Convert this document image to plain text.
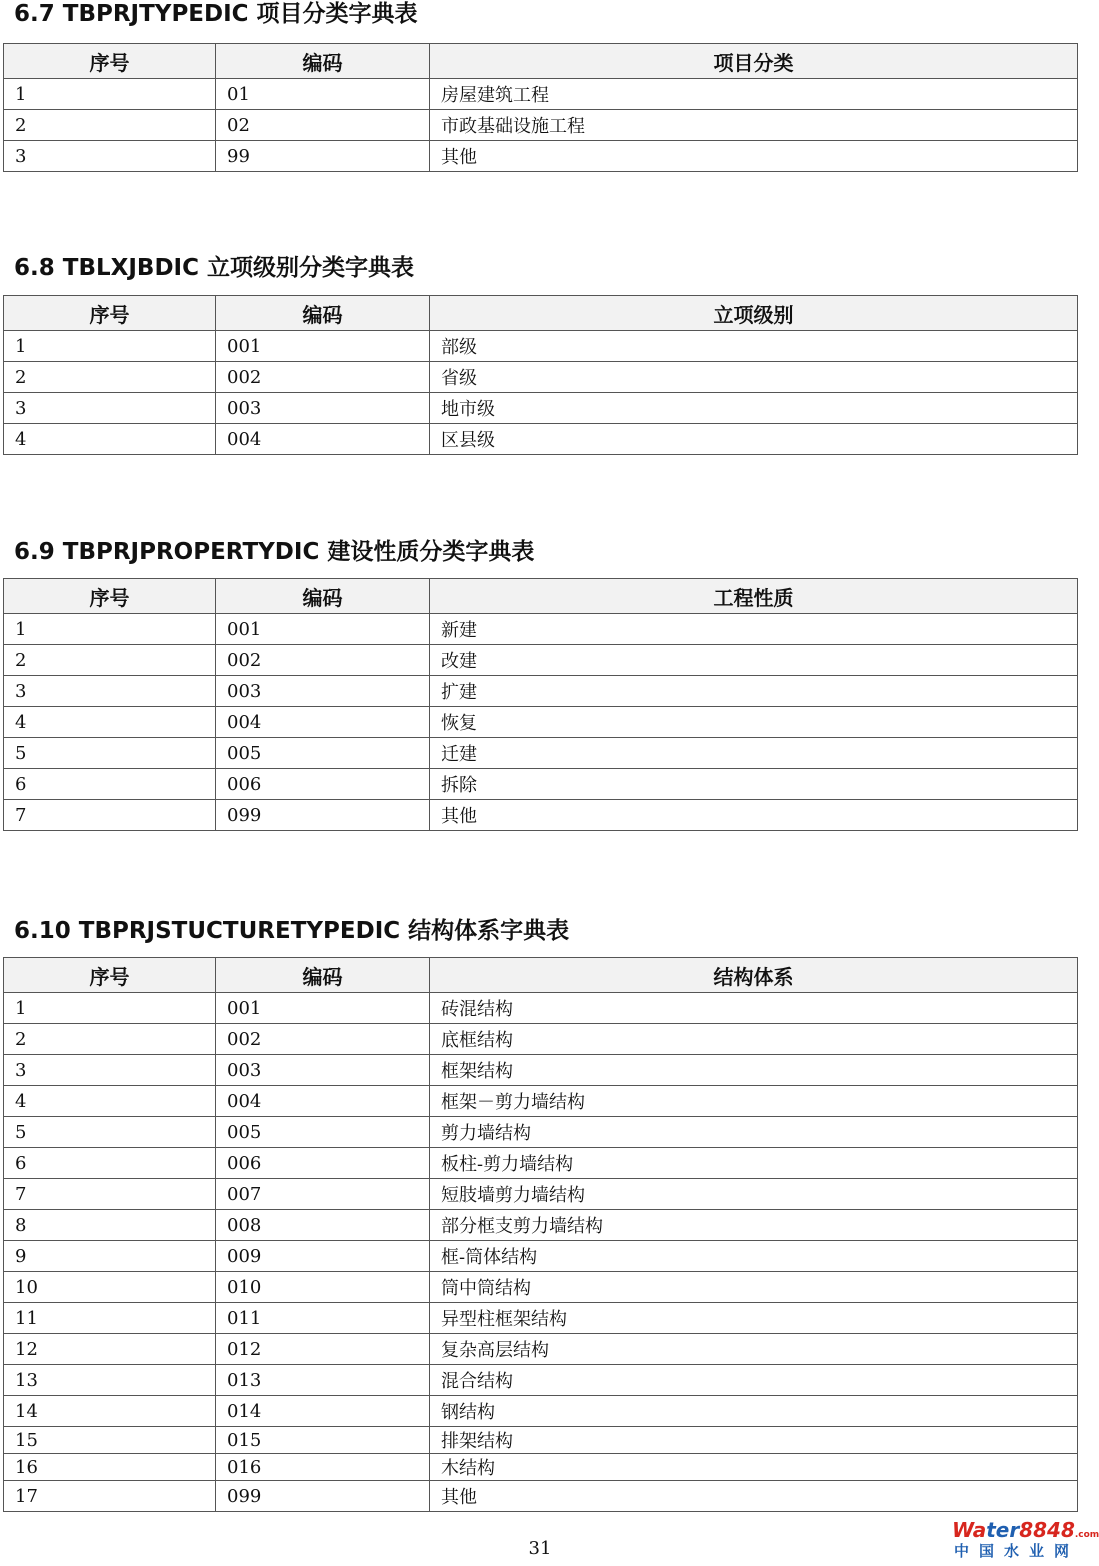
6.7 TBPRJTYPEDIC 项目分类字典表
序号	编码	项目分类
1	01	房屋建筑工程
2	02	市政基础设施工程
3	99	其他
6.8 TBLXJBDIC 立项级别分类字典表
序号	编码	立项级别
1	001	部级
2	002	省级
3	003	地市级
4	004	区县级
6.9 TBPRJPROPERTYDIC 建设性质分类字典表
序号	编码	工程性质
1	001	新建
2	002	改建
3	003	扩建
4	004	恢复
5	005	迁建
6	006	拆除
7	099	其他
6.10 TBPRJSTUCTURETYPEDIC 结构体系字典表
序号	编码	结构体系
1	001	砖混结构
2	002	底框结构
3	003	框架结构
4	004	框架－剪力墙结构
5	005	剪力墙结构
6	006	板柱-剪力墙结构
7	007	短肢墙剪力墙结构
8	008	部分框支剪力墙结构
9	009	框-筒体结构
10	010	筒中筒结构
11	011	异型柱框架结构
12	012	复杂高层结构
13	013	混合结构
14	014	钢结构
15	015	排架结构
16	016	木结构
17	099	其他
31
Water8848.com
中国水业网
